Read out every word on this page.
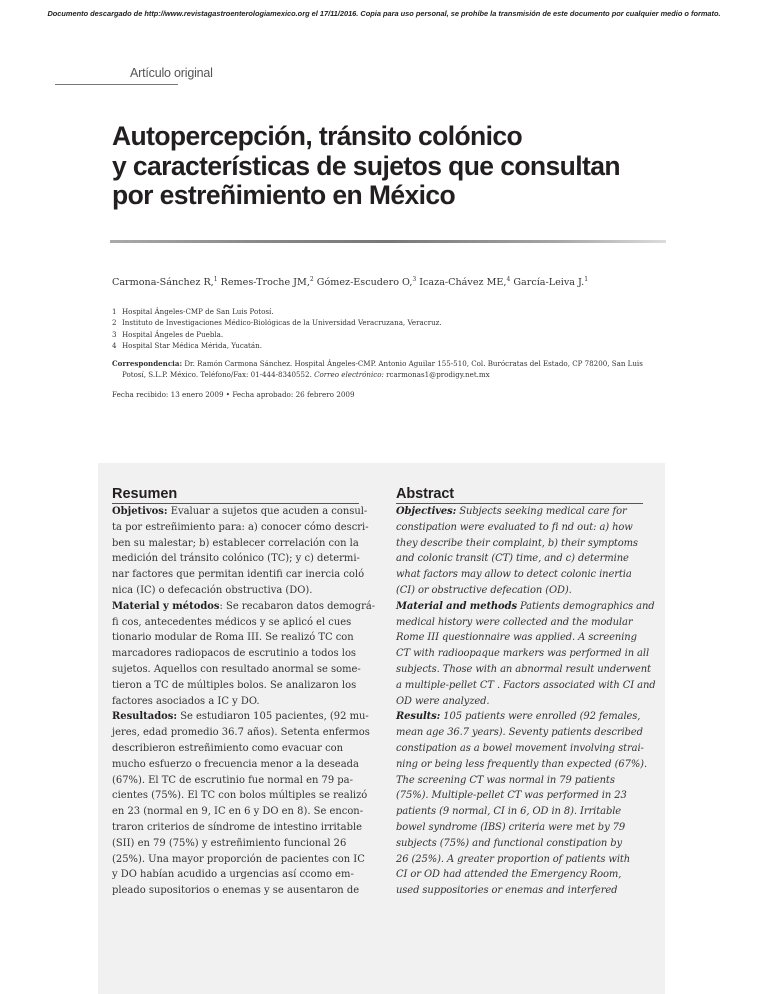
Documento descargado de http://www.revistagastroenterologiamexico.org el 17/11/2016. Copia para uso personal, se prohíbe la transmisión de este documento por cualquier medio o formato.
Artículo original
Autopercepción, tránsito colónico
y características de sujetos que consultan
por estreñimiento en México
Carmona-Sánchez R,$^1$ Remes-Troche JM,$^2$ Gómez-Escudero O,$^3$ Icaza-Chávez ME,$^4$ García-Leiva J.$^1$
1 Hospital Ángeles-CMP de San Luis Potosí.
2 Instituto de Investigaciones Médico-Biológicas de la Universidad Veracruzana, Veracruz.
3 Hospital Ángeles de Puebla.
4 Hospital Star Médica Mérida, Yucatán.
Correspondencia: Dr. Ramón Carmona Sánchez. Hospital Ángeles-CMP. Antonio Aguilar 155-510, Col. Burócratas del Estado, CP 78200, San Luis
Potosí, S.L.P. México. Teléfono/Fax: 01-444-8340552. Correo electrónico: rcarmonas1@prodigy.net.mx
Fecha recibido: 13 enero 2009 • Fecha aprobado: 26 febrero 2009
Resumen
Objetivos: Evaluar a sujetos que acuden a consul-
ta por estreñimiento para: a) conocer cómo descri-
ben su malestar; b) establecer correlación con la
medición del tránsito colónico (TC); y c) determi-
nar factores que permitan identifi car inercia coló
nica (IC) o defecación obstructiva (DO).
Material y métodos: Se recabaron datos demográ-
fi cos, antecedentes médicos y se aplicó el cues
tionario modular de Roma III. Se realizó TC con
marcadores radiopacos de escrutinio a todos los
sujetos. Aquellos con resultado anormal se some-
tieron a TC de múltiples bolos. Se analizaron los
factores asociados a IC y DO.
Resultados: Se estudiaron 105 pacientes, (92 mu-
jeres, edad promedio 36.7 años). Setenta enfermos
describieron estreñimiento como evacuar con
mucho esfuerzo o frecuencia menor a la deseada
(67%). El TC de escrutinio fue normal en 79 pa-
cientes (75%). El TC con bolos múltiples se realizó
en 23 (normal en 9, IC en 6 y DO en 8). Se encon-
traron criterios de síndrome de intestino irritable
(SII) en 79 (75%) y estreñimiento funcional 26
(25%). Una mayor proporción de pacientes con IC
y DO habían acudido a urgencias así ccomo em-
pleado supositorios o enemas y se ausentaron de
Abstract
Objectives: Subjects seeking medical care for
constipation were evaluated to fi nd out: a) how
they describe their complaint, b) their symptoms
and colonic transit (CT) time, and c) determine
what factors may allow to detect colonic inertia
(CI) or obstructive defecation (OD).
Material and methods Patients demographics and
medical history were collected and the modular
Rome III questionnaire was applied. A screening
CT with radioopaque markers was performed in all
subjects. Those with an abnormal result underwent
a multiple-pellet CT . Factors associated with CI and
OD were analyzed.
Results: 105 patients were enrolled (92 females,
mean age 36.7 years). Seventy patients described
constipation as a bowel movement involving strai-
ning or being less frequently than expected (67%).
The screening CT was normal in 79 patients
(75%). Multiple-pellet CT was performed in 23
patients (9 normal, CI in 6, OD in 8). Irritable
bowel syndrome (IBS) criteria were met by 79
subjects (75%) and functional constipation by
26 (25%). A greater proportion of patients with
CI or OD had attended the Emergency Room,
used suppositories or enemas and interfered
